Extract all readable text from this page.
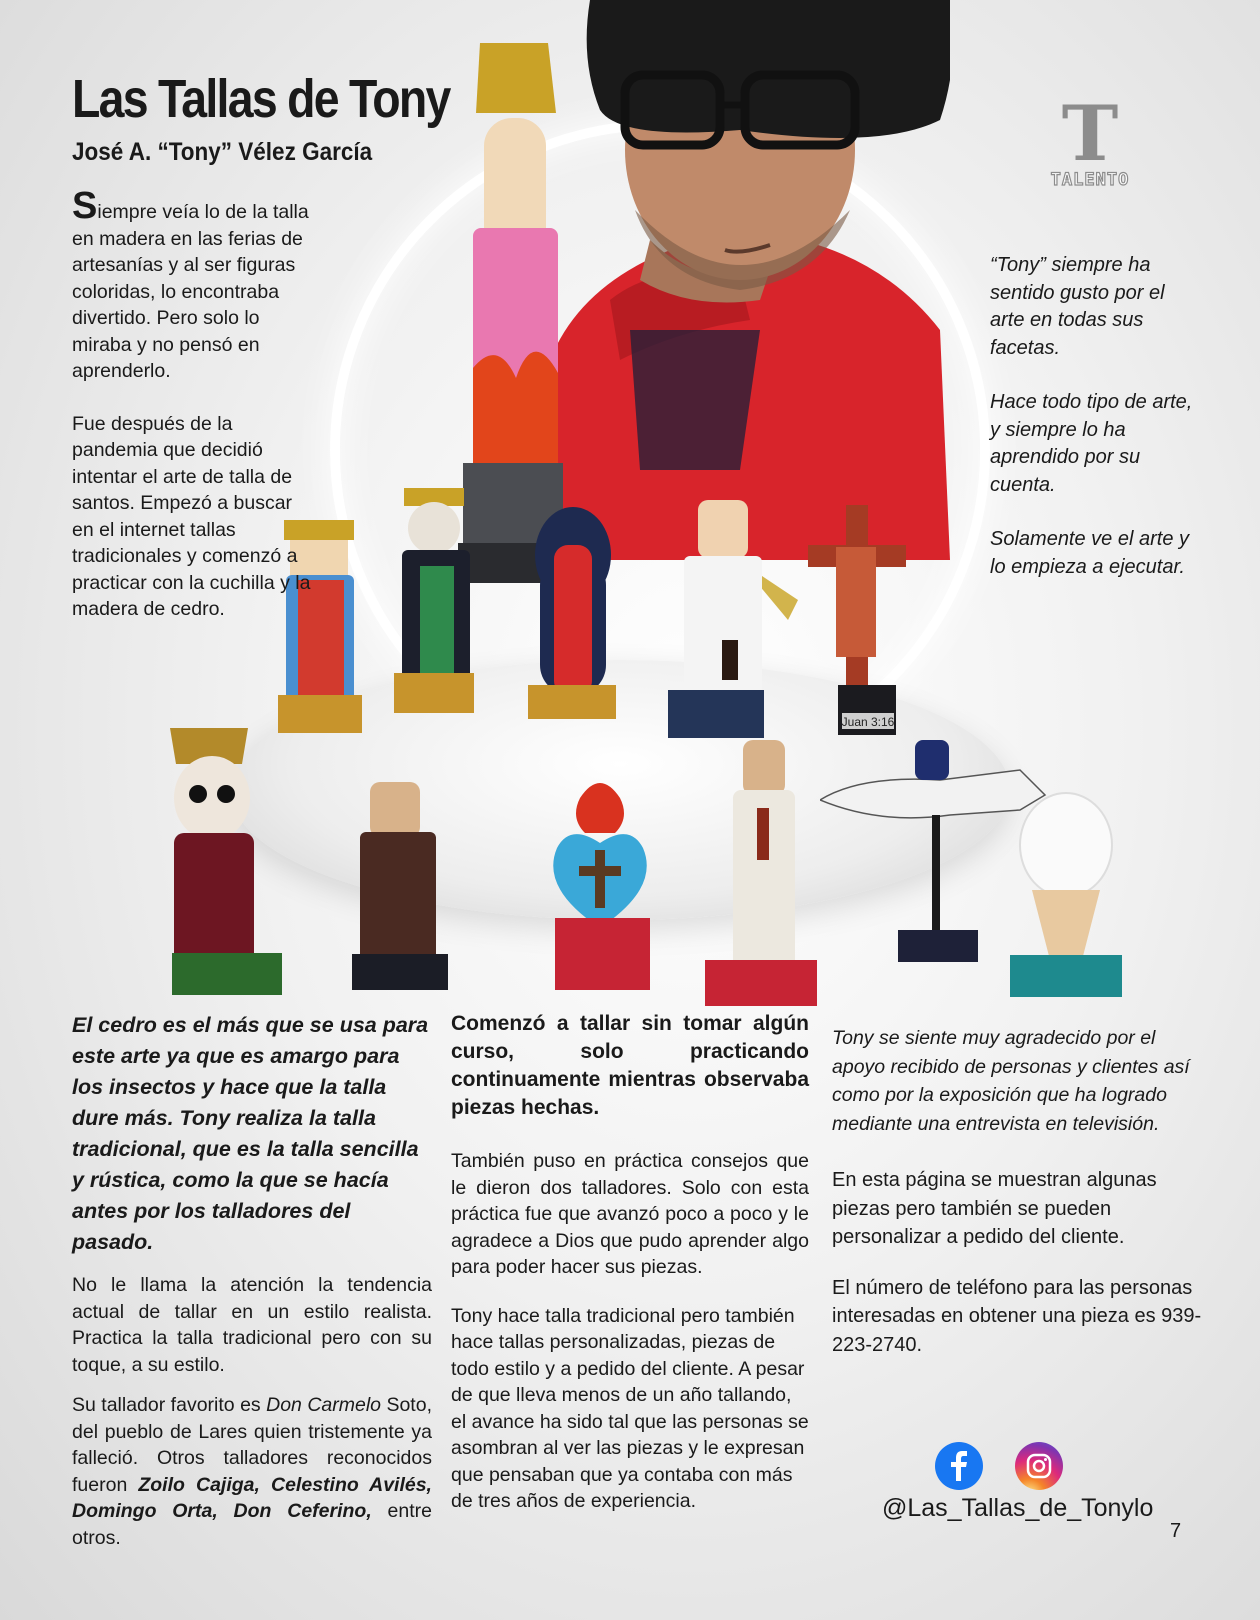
Juan 3:16
T
TALENTO
Las Tallas de Tony
José A. “Tony” Vélez García

Siempre veía lo de la talla en madera en las ferias de artesanías y al ser figuras coloridas, lo encontraba divertido. Pero solo lo miraba y no pensó en aprenderlo.

Fue después de la pandemia que decidió intentar el arte de talla de santos. Empezó a buscar en el internet tallas tradicionales y comenzó a practicar con la cuchilla y la madera de cedro.

“Tony” siempre ha sentido gusto por el arte en todas sus facetas.

Hace todo tipo de arte, y siempre lo ha aprendido por su cuenta.

Solamente ve el arte y lo empieza a ejecutar.

El cedro es el más que se usa para este arte ya que es amargo para los insectos y hace que la talla dure más. Tony realiza la talla tradicional, que es la talla sencilla y rústica, como la que se hacía antes por los talladores del pasado.

No le llama la atención la tendencia actual de tallar en un estilo realista. Practica la talla tradicional pero con su toque, a su estilo.

Su tallador favorito es Don Carmelo Soto, del pueblo de Lares quien tristemente ya falleció. Otros talladores reconocidos fueron Zoilo Cajiga, Celestino Avilés, Domingo Orta, Don Ceferino, entre otros.

Comenzó a tallar sin tomar algún curso, solo practicando continuamente mientras observaba piezas hechas.

También puso en práctica consejos que le dieron dos talladores. Solo con esta práctica fue que avanzó poco a poco y le agradece a Dios que pudo aprender algo para poder hacer sus piezas.

Tony hace talla tradicional pero también hace tallas personalizadas, piezas de todo estilo y a pedido del cliente. A pesar de que lleva menos de un año tallando, el avance ha sido tal que las personas se asombran al ver las piezas y le expresan que pensaban que ya contaba con más de tres años de experiencia.

Tony se siente muy agradecido por el apoyo recibido de personas y clientes así como por la exposición que ha logrado mediante una entrevista en televisión.

En esta página se muestran algunas piezas pero también se pueden personalizar a pedido del cliente.

El número de teléfono para las personas interesadas en obtener una pieza es 939-223-2740.

@Las_Tallas_de_Tonylo
7
